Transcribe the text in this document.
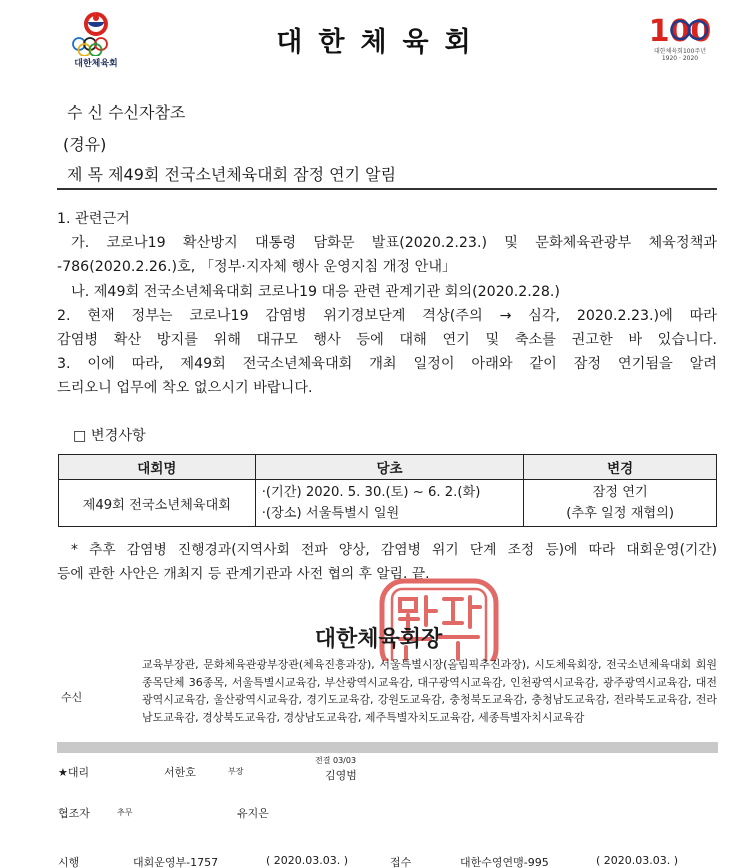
대한체육회
대한체육회	100
대한체육회100주년
1920 · 2020
수 신 수신자참조
(경유)
제 목 제49회 전국소년체육대회 잠정 연기 알림

1. 관련근거

가. 코로나19 확산방지 대통령 담화문 발표(2020.2.23.) 및 문화체육관광부 체육정책과

-786(2020.2.26.)호, 「정부·지자체 행사 운영지침 개정 안내」

나. 제49회 전국소년체육대회 코로나19 대응 관련 관계기관 회의(2020.2.28.)

2. 현재 정부는 코로나19 감염병 위기경보단계 격상(주의 → 심각, 2020.2.23.)에 따라

감염병 확산 방지를 위해 대규모 행사 등에 대해 연기 및 축소를 권고한 바 있습니다.

3. 이에 따라, 제49회 전국소년체육대회 개최 일정이 아래와 같이 잠정 연기됨을 알려

드리오니 업무에 착오 없으시기 바랍니다.

□ 변경사항
대회명	당초	변경
제49회 전국소년체육대회	·(기간) 2020. 5. 30.(토) ~ 6. 2.(화)
·(장소) 서울특별시 일원	잠정 연기
(추후 일정 재협의)

* 추후 감염병 진행경과(지역사회 전파 양상, 감염병 위기 단계 조정 등)에 따라 대회운영(기간)

등에 관한 사안은 개최지 등 관계기관과 사전 협의 후 알림. 끝.

대한체육회장
수신
교육부장관, 문화체육관광부장관(체육진흥과장), 서울특별시장(올림픽추진과장), 시도체육회장, 전국소년체육대회 회원종목단체 36종목, 서울특별시교육감, 부산광역시교육감, 대구광역시교육감, 인천광역시교육감, 광주광역시교육감, 대전광역시교육감, 울산광역시교육감, 경기도교육감, 강원도교육감, 충청북도교육감, 충청남도교육감, 전라북도교육감, 전라남도교육감, 경상북도교육감, 경상남도교육감, 제주특별자치도교육감, 세종특별자치시교육감
★대리	서한호	부장
전결 03/03
김영범
협조자	추무	유지은
시행	대회운영부-1757	( 2020.03.03. )	접수	대한수영연맹-995	( 2020.03.03. )
